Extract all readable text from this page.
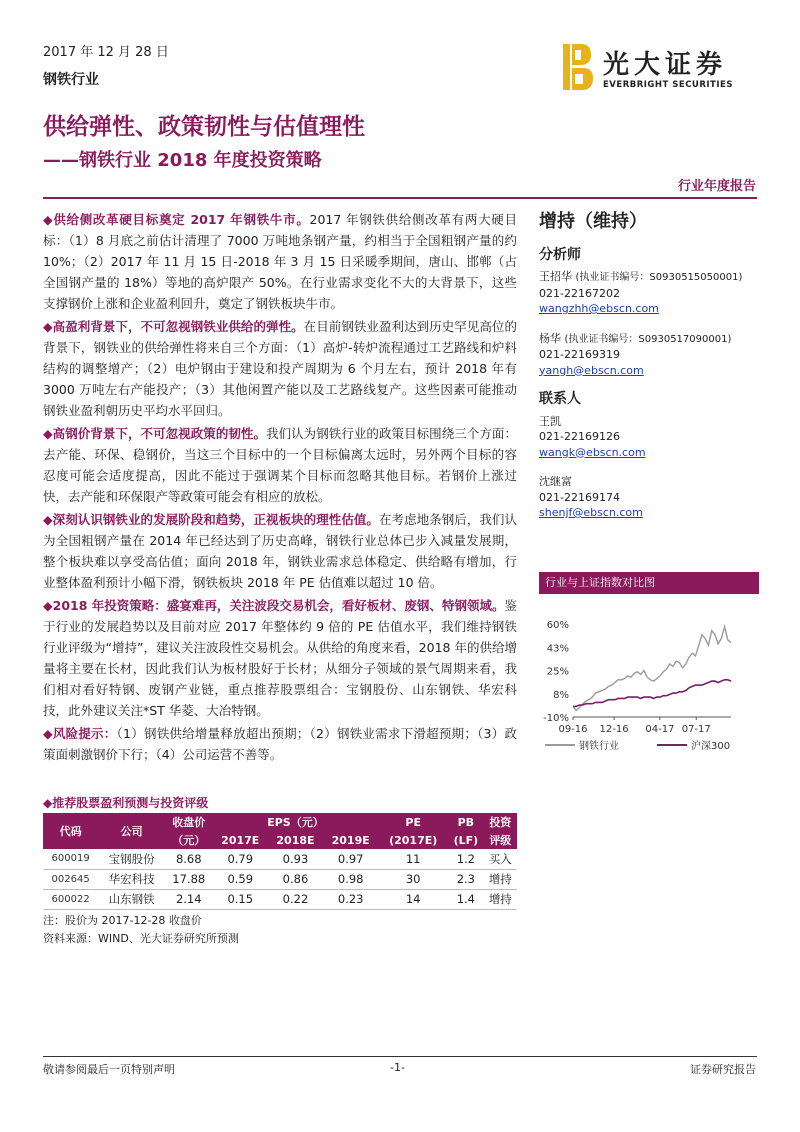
2017 年 12 月 28 日
钢铁行业
供给弹性、政策韧性与估值理性
——钢铁行业 2018 年度投资策略
行业年度报告
光大证券
EVERBRIGHT SECURITIES

◆供给侧改革硬目标奠定 2017 年钢铁牛市。2017 年钢铁供给侧改革有两大硬目标：（1）8 月底之前估计清理了 7000 万吨地条钢产量，约相当于全国粗钢产量的约 10%；（2）2017 年 11 月 15 日-2018 年 3 月 15 日采暖季期间，唐山、邯郸（占全国钢产量的 18%）等地的高炉限产 50%。在行业需求变化不大的大背景下，这些支撑钢价上涨和企业盈利回升，奠定了钢铁板块牛市。

◆高盈利背景下，不可忽视钢铁业供给的弹性。在目前钢铁业盈利达到历史罕见高位的背景下，钢铁业的供给弹性将来自三个方面：（1）高炉-转炉流程通过工艺路线和炉料结构的调整增产；（2）电炉钢由于建设和投产周期为 6 个月左右，预计 2018 年有 3000 万吨左右产能投产；（3）其他闲置产能以及工艺路线复产。这些因素可能推动钢铁业盈利朝历史平均水平回归。

◆高钢价背景下，不可忽视政策的韧性。我们认为钢铁行业的政策目标围绕三个方面：去产能、环保、稳钢价，当这三个目标中的一个目标偏离太远时，另外两个目标的容忍度可能会适度提高，因此不能过于强调某个目标而忽略其他目标。若钢价上涨过快，去产能和环保限产等政策可能会有相应的放松。

◆深刻认识钢铁业的发展阶段和趋势，正视板块的理性估值。在考虑地条钢后，我们认为全国粗钢产量在 2014 年已经达到了历史高峰，钢铁行业总体已步入减量发展期，整个板块难以享受高估值；面向 2018 年，钢铁业需求总体稳定、供给略有增加，行业整体盈利预计小幅下滑，钢铁板块 2018 年 PE 估值难以超过 10 倍。

◆2018 年投资策略：盛宴难再，关注波段交易机会，看好板材、废钢、特钢领域。鉴于行业的发展趋势以及目前对应 2017 年整体约 9 倍的 PE 估值水平，我们维持钢铁行业评级为“增持”，建议关注波段性交易机会。从供给的角度来看，2018 年的供给增量将主要在长材，因此我们认为板材股好于长材；从细分子领域的景气周期来看，我们相对看好特钢、废钢产业链，重点推荐股票组合：宝钢股份、山东钢铁、华宏科技，此外建议关注*ST 华菱、大冶特钢。

◆风险提示：（1）钢铁供给增量释放超出预期；（2）钢铁业需求下滑超预期；（3）政策面刺激钢价下行；（4）公司运营不善等。

增持（维持）
分析师
王招华 (执业证书编号：S0930515050001)
021-22167202
wangzhh@ebscn.com
杨华 (执业证书编号：S0930517090001)
021-22169319
yangh@ebscn.com
联系人
王凯
021-22169126
wangk@ebscn.com
沈继富
021-22169174
shenjf@ebscn.com
行业与上证指数对比图
60%
43%
25%
8%
-10%
09-16 12-16 04-17 07-17
钢铁行业	沪深300
◆推荐股票盈利预测与投资评级
代码	公司	收盘价	EPS（元）			PE	PB	投资
		（元）	2017E	2018E	2019E	(2017E)	(LF)	评级
600019	宝钢股份	8.68	0.79	0.93	0.97	11	1.2	买入
002645	华宏科技	17.88	0.59	0.86	0.98	30	2.3	增持
600022	山东钢铁	2.14	0.15	0.22	0.23	14	1.4	增持
注：股价为 2017-12-28 收盘价
资料来源：WIND、光大证券研究所预测
敬请参阅最后一页特别声明	-1-	证券研究报告
